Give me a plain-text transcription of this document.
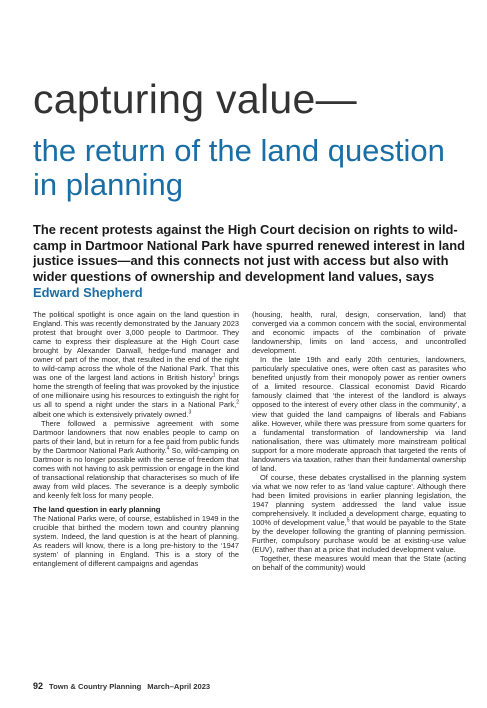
capturing value—
the return of the land question in planning

The recent protests against the High Court decision on rights to wild-camp in Dartmoor National Park have spurred renewed interest in land justice issues—and this connects not just with access but also with wider questions of ownership and development land values, says Edward Shepherd

The political spotlight is once again on the land question in England. This was recently demonstrated by the January 2023 protest that brought over 3,000 people to Dartmoor. They came to express their displeasure at the High Court case brought by Alexander Darwall, hedge-fund manager and owner of part of the moor, that resulted in the end of the right to wild-camp across the whole of the National Park. That this was one of the largest land actions in British history$^1$ brings home the strength of feeling that was provoked by the injustice of one millionaire using his resources to extinguish the right for us all to spend a night under the stars in a National Park,$^2$ albeit one which is extensively privately owned.$^3$

There followed a permissive agreement with some Dartmoor landowners that now enables people to camp on parts of their land, but in return for a fee paid from public funds by the Dartmoor National Park Authority.$^4$ So, wild-camping on Dartmoor is no longer possible with the sense of freedom that comes with not having to ask permission or engage in the kind of transactional relationship that characterises so much of life away from wild places. The severance is a deeply symbolic and keenly felt loss for many people.

The land question in early planning

The National Parks were, of course, established in 1949 in the crucible that birthed the modern town and country planning system. Indeed, the land question is at the heart of planning. As readers will know, there is a long pre-history to the ‘1947 system’ of planning in England. This is a story of the entanglement of different campaigns and agendas

(housing, health, rural, design, conservation, land) that converged via a common concern with the social, environmental and economic impacts of the combination of private landownership, limits on land access, and uncontrolled development.

In the late 19th and early 20th centuries, landowners, particularly speculative ones, were often cast as parasites who benefited unjustly from their monopoly power as rentier owners of a limited resource. Classical economist David Ricardo famously claimed that ‘the interest of the landlord is always opposed to the interest of every other class in the community’, a view that guided the land campaigns of liberals and Fabians alike. However, while there was pressure from some quarters for a fundamental transformation of landownership via land nationalisation, there was ultimately more mainstream political support for a more moderate approach that targeted the rents of landowners via taxation, rather than their fundamental ownership of land.

Of course, these debates crystallised in the planning system via what we now refer to as ‘land value capture’. Although there had been limited provisions in earlier planning legislation, the 1947 planning system addressed the land value issue comprehensively. It included a development charge, equating to 100% of development value,$^5$ that would be payable to the State by the developer following the granting of planning permission. Further, compulsory purchase would be at existing-use value (EUV), rather than at a price that included development value.

Together, these measures would mean that the State (acting on behalf of the community) would

92 Town & Country Planning March–April 2023
